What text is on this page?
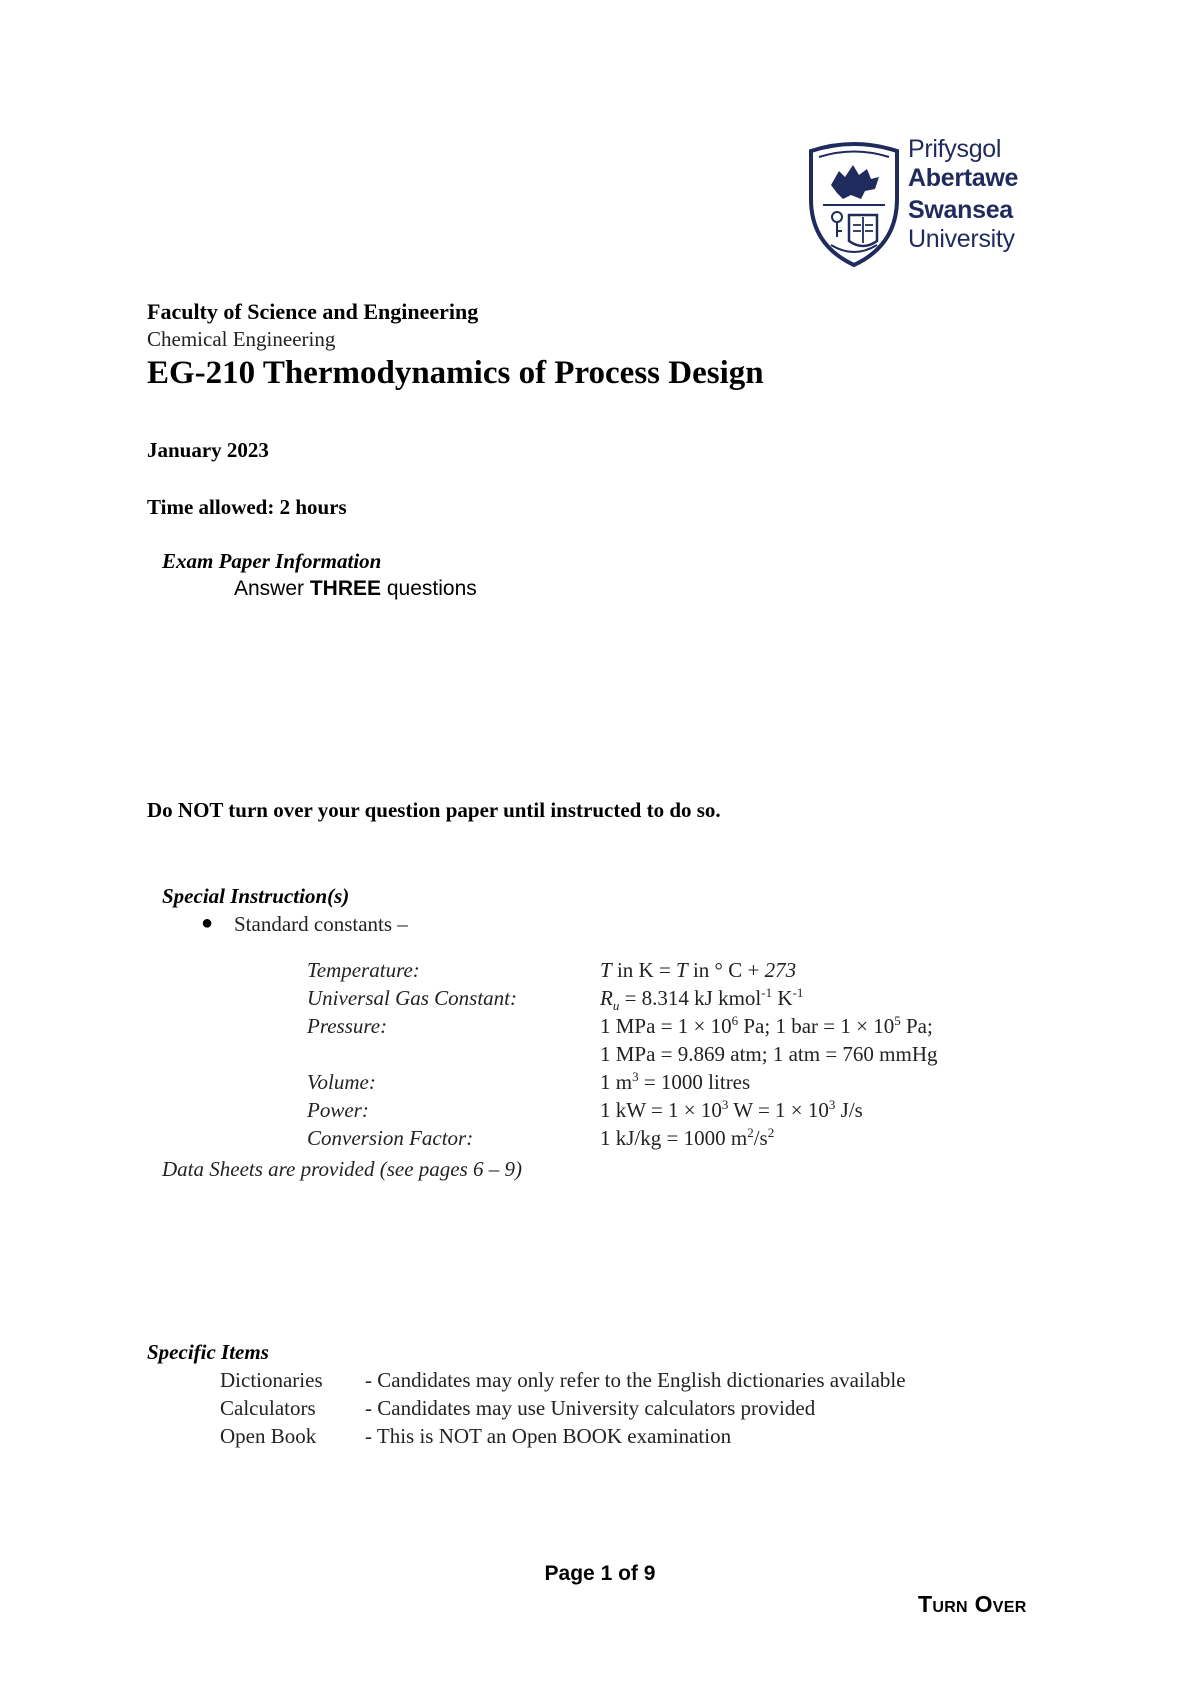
Prifysgol
Abertawe
Swansea
University
Faculty of Science and Engineering
Chemical Engineering
EG-210 Thermodynamics of Process Design
January 2023
Time allowed: 2 hours
Exam Paper Information
Answer THREE questions
Do NOT turn over your question paper until instructed to do so.
Special Instruction(s)
● Standard constants –
Temperature:	T in K = T in ° C + 273
Universal Gas Constant:	$R_u = 8.314$ kJ kmol$^{-1}$ $K^{-1}$
Pressure:	1 MPa = $1 \times 10^6$ Pa; 1 bar = $1 \times 10^5$ Pa;
1 MPa = 9.869 atm; 1 atm = 760 mmHg
Volume:	1 $m^3 = 1000$ litres
Power:	1 kW = $1 \times 10^3$ $W = 1 \times 10^3$ J/s
Conversion Factor:	1 kJ/kg = 1000 $m^2/s^2$
Data Sheets are provided (see pages 6 – 9)
Specific Items
Dictionaries - Candidates may only refer to the English dictionaries available
Calculators - Candidates may use University calculators provided
Open Book - This is NOT an Open BOOK examination
Page 1 of 9
Turn Over
